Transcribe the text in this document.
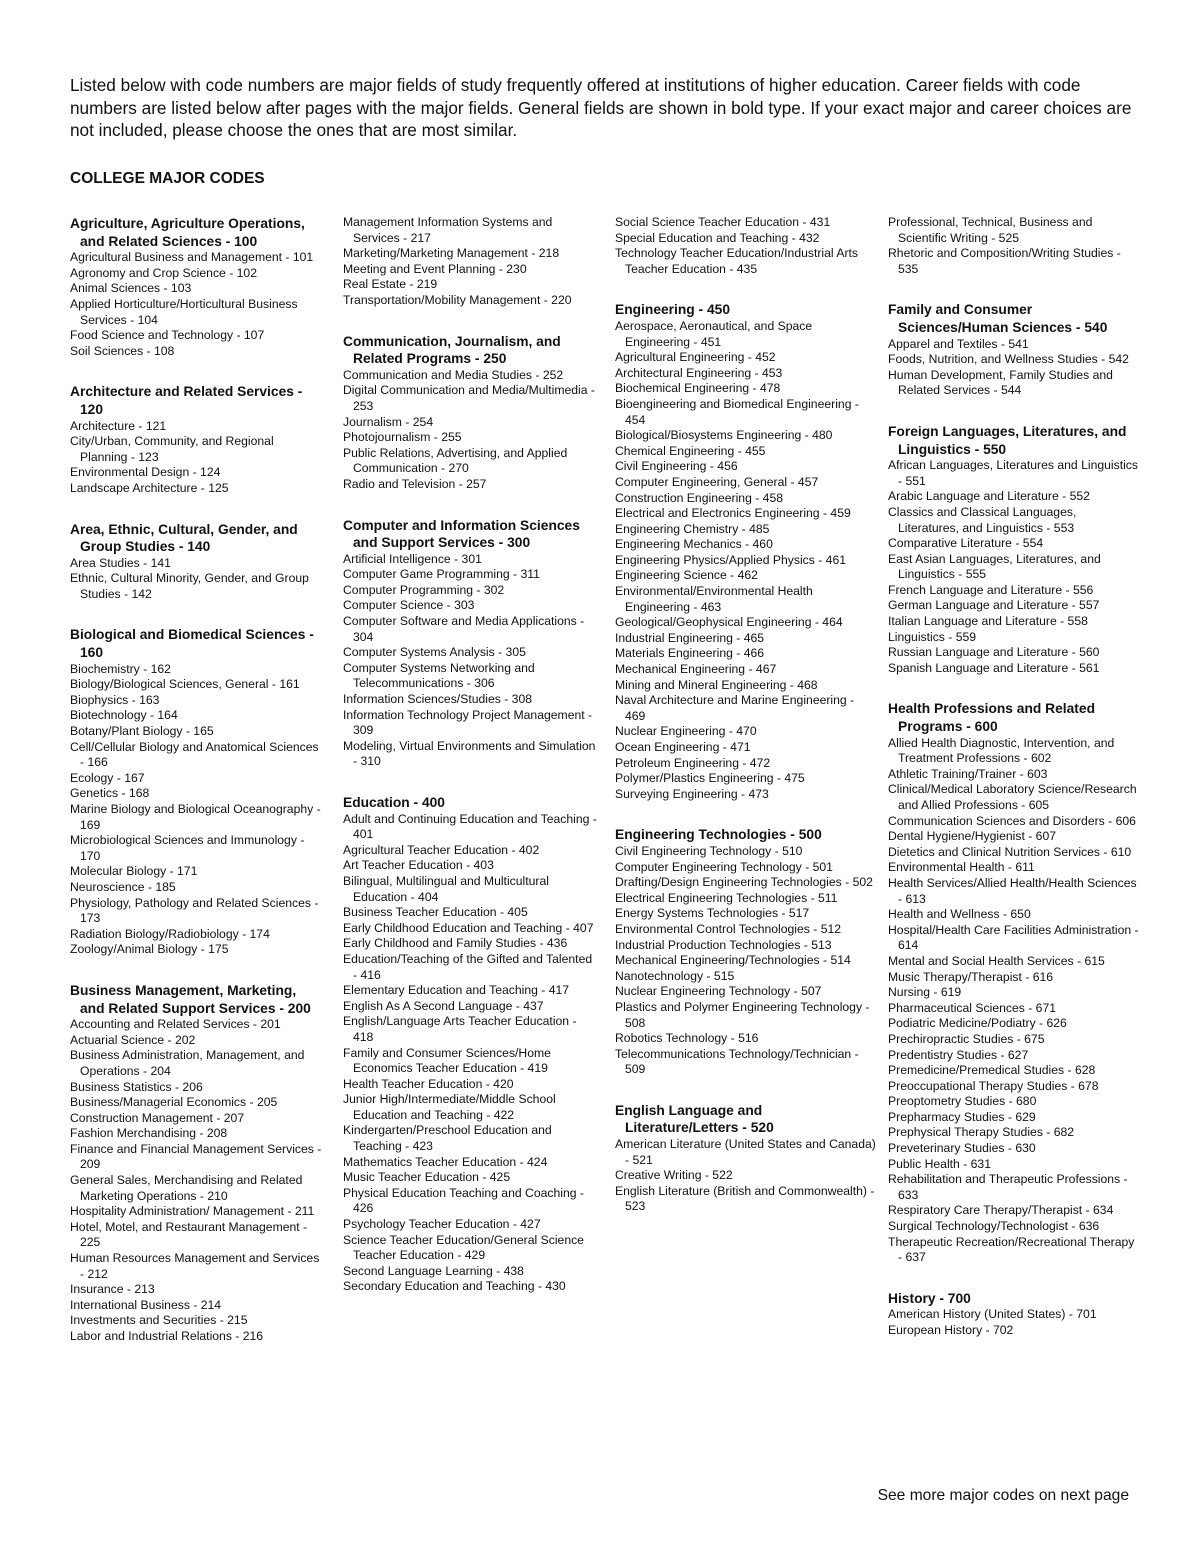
Listed below with code numbers are major fields of study frequently offered at institutions of higher education. Career fields with code numbers are listed below after pages with the major fields. General fields are shown in bold type. If your exact major and career choices are not included, please choose the ones that are most similar.

COLLEGE MAJOR CODES
Agriculture, Agriculture Operations, and Related Sciences - 100
Agricultural Business and Management - 101
Agronomy and Crop Science - 102
Animal Sciences - 103
Applied Horticulture/Horticultural Business Services - 104
Food Science and Technology - 107
Soil Sciences - 108
Architecture and Related Services - 120
Architecture - 121
City/Urban, Community, and Regional Planning - 123
Environmental Design - 124
Landscape Architecture - 125
Area, Ethnic, Cultural, Gender, and Group Studies - 140
Area Studies - 141
Ethnic, Cultural Minority, Gender, and Group Studies - 142
Biological and Biomedical Sciences - 160
Biochemistry - 162
Biology/Biological Sciences, General - 161
Biophysics - 163
Biotechnology - 164
Botany/Plant Biology - 165
Cell/Cellular Biology and Anatomical Sciences - 166
Ecology - 167
Genetics - 168
Marine Biology and Biological Oceanography - 169
Microbiological Sciences and Immunology - 170
Molecular Biology - 171
Neuroscience - 185
Physiology, Pathology and Related Sciences - 173
Radiation Biology/Radiobiology - 174
Zoology/Animal Biology - 175
Business Management, Marketing, and Related Support Services - 200
Accounting and Related Services - 201
Actuarial Science - 202
Business Administration, Management, and Operations - 204
Business Statistics - 206
Business/Managerial Economics - 205
Construction Management - 207
Fashion Merchandising - 208
Finance and Financial Management Services - 209
General Sales, Merchandising and Related Marketing Operations - 210
Hospitality Administration/ Management - 211
Hotel, Motel, and Restaurant Management - 225
Human Resources Management and Services - 212
Insurance - 213
International Business - 214
Investments and Securities - 215
Labor and Industrial Relations - 216
Management Information Systems and Services - 217
Marketing/Marketing Management - 218
Meeting and Event Planning - 230
Real Estate - 219
Transportation/Mobility Management - 220
Communication, Journalism, and Related Programs - 250
Communication and Media Studies - 252
Digital Communication and Media/Multimedia - 253
Journalism - 254
Photojournalism - 255
Public Relations, Advertising, and Applied Communication - 270
Radio and Television - 257
Computer and Information Sciences and Support Services - 300
Artificial Intelligence - 301
Computer Game Programming - 311
Computer Programming - 302
Computer Science - 303
Computer Software and Media Applications - 304
Computer Systems Analysis - 305
Computer Systems Networking and Telecommunications - 306
Information Sciences/Studies - 308
Information Technology Project Management - 309
Modeling, Virtual Environments and Simulation - 310
Education - 400
Adult and Continuing Education and Teaching - 401
Agricultural Teacher Education - 402
Art Teacher Education - 403
Bilingual, Multilingual and Multicultural Education - 404
Business Teacher Education - 405
Early Childhood Education and Teaching - 407
Early Childhood and Family Studies - 436
Education/Teaching of the Gifted and Talented - 416
Elementary Education and Teaching - 417
English As A Second Language - 437
English/Language Arts Teacher Education - 418
Family and Consumer Sciences/Home Economics Teacher Education - 419
Health Teacher Education - 420
Junior High/Intermediate/Middle School Education and Teaching - 422
Kindergarten/Preschool Education and Teaching - 423
Mathematics Teacher Education - 424
Music Teacher Education - 425
Physical Education Teaching and Coaching - 426
Psychology Teacher Education - 427
Science Teacher Education/General Science Teacher Education - 429
Second Language Learning - 438
Secondary Education and Teaching - 430
Social Science Teacher Education - 431
Special Education and Teaching - 432
Technology Teacher Education/Industrial Arts Teacher Education - 435
Engineering - 450
Aerospace, Aeronautical, and Space Engineering - 451
Agricultural Engineering - 452
Architectural Engineering - 453
Biochemical Engineering - 478
Bioengineering and Biomedical Engineering - 454
Biological/Biosystems Engineering - 480
Chemical Engineering - 455
Civil Engineering - 456
Computer Engineering, General - 457
Construction Engineering - 458
Electrical and Electronics Engineering - 459
Engineering Chemistry - 485
Engineering Mechanics - 460
Engineering Physics/Applied Physics - 461
Engineering Science - 462
Environmental/Environmental Health Engineering - 463
Geological/Geophysical Engineering - 464
Industrial Engineering - 465
Materials Engineering - 466
Mechanical Engineering - 467
Mining and Mineral Engineering - 468
Naval Architecture and Marine Engineering - 469
Nuclear Engineering - 470
Ocean Engineering - 471
Petroleum Engineering - 472
Polymer/Plastics Engineering - 475
Surveying Engineering - 473
Engineering Technologies - 500
Civil Engineering Technology - 510
Computer Engineering Technology - 501
Drafting/Design Engineering Technologies - 502
Electrical Engineering Technologies - 511
Energy Systems Technologies - 517
Environmental Control Technologies - 512
Industrial Production Technologies - 513
Mechanical Engineering/Technologies - 514
Nanotechnology - 515
Nuclear Engineering Technology - 507
Plastics and Polymer Engineering Technology - 508
Robotics Technology - 516
Telecommunications Technology/Technician - 509
English Language and Literature/Letters - 520
American Literature (United States and Canada) - 521
Creative Writing - 522
English Literature (British and Commonwealth) - 523
Professional, Technical, Business and Scientific Writing - 525
Rhetoric and Composition/Writing Studies - 535
Family and Consumer Sciences/Human Sciences - 540
Apparel and Textiles - 541
Foods, Nutrition, and Wellness Studies - 542
Human Development, Family Studies and Related Services - 544
Foreign Languages, Literatures, and Linguistics - 550
African Languages, Literatures and Linguistics - 551
Arabic Language and Literature - 552
Classics and Classical Languages, Literatures, and Linguistics - 553
Comparative Literature - 554
East Asian Languages, Literatures, and Linguistics - 555
French Language and Literature - 556
German Language and Literature - 557
Italian Language and Literature - 558
Linguistics - 559
Russian Language and Literature - 560
Spanish Language and Literature - 561
Health Professions and Related Programs - 600
Allied Health Diagnostic, Intervention, and Treatment Professions - 602
Athletic Training/Trainer - 603
Clinical/Medical Laboratory Science/Research and Allied Professions - 605
Communication Sciences and Disorders - 606
Dental Hygiene/Hygienist - 607
Dietetics and Clinical Nutrition Services - 610
Environmental Health - 611
Health Services/Allied Health/Health Sciences - 613
Health and Wellness - 650
Hospital/Health Care Facilities Administration - 614
Mental and Social Health Services - 615
Music Therapy/Therapist - 616
Nursing - 619
Pharmaceutical Sciences - 671
Podiatric Medicine/Podiatry - 626
Prechiropractic Studies - 675
Predentistry Studies - 627
Premedicine/Premedical Studies - 628
Preoccupational Therapy Studies - 678
Preoptometry Studies - 680
Prepharmacy Studies - 629
Prephysical Therapy Studies - 682
Preveterinary Studies - 630
Public Health - 631
Rehabilitation and Therapeutic Professions - 633
Respiratory Care Therapy/Therapist - 634
Surgical Technology/Technologist - 636
Therapeutic Recreation/Recreational Therapy - 637
History - 700
American History (United States) - 701
European History - 702

See more major codes on next page
